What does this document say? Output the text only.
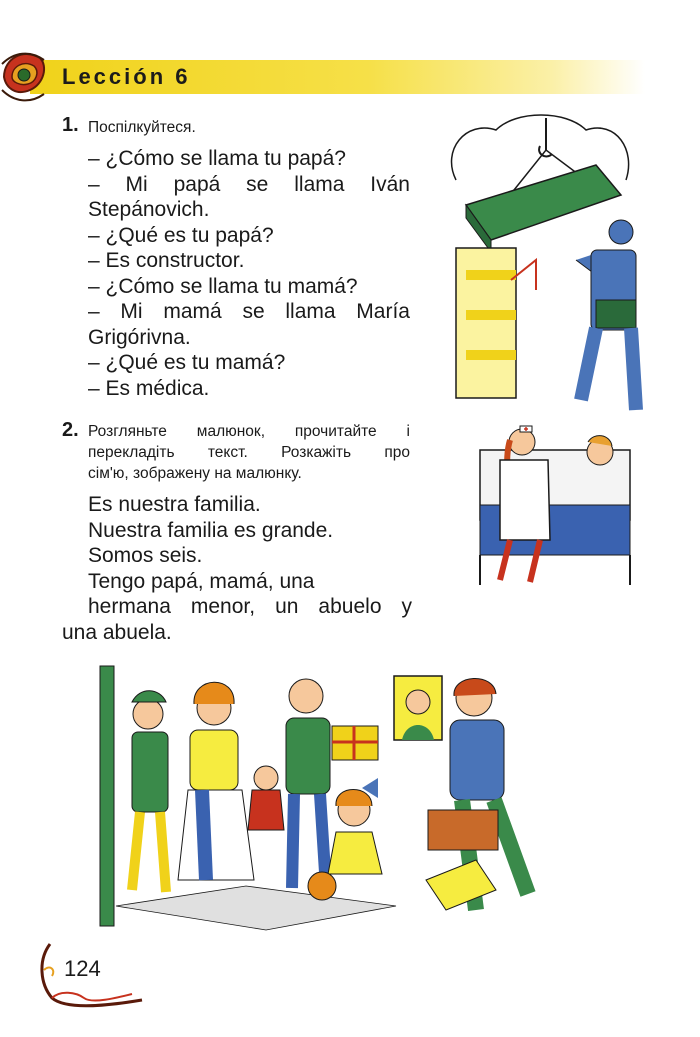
Lección 6
1. Поспілкуйтеся.
– ¿Cómo se llama tu papá?
– Mi papá se llama Iván
Stepánovich.
– ¿Qué es tu papá?
– Es constructor.
– ¿Cómo se llama tu mamá?
– Mi mamá se llama María
Grigórivna.
– ¿Qué es tu mamá?
– Es médica.
2. Розгляньте малюнок, прочитайте і
перекладіть текст. Розкажіть про
сім'ю, зображену на малюнку.
Es nuestra familia.
Nuestra familia es grande.
Somos seis.
Tengo papá, mamá, una
hermana menor, un abuelo y
una abuela.
124
